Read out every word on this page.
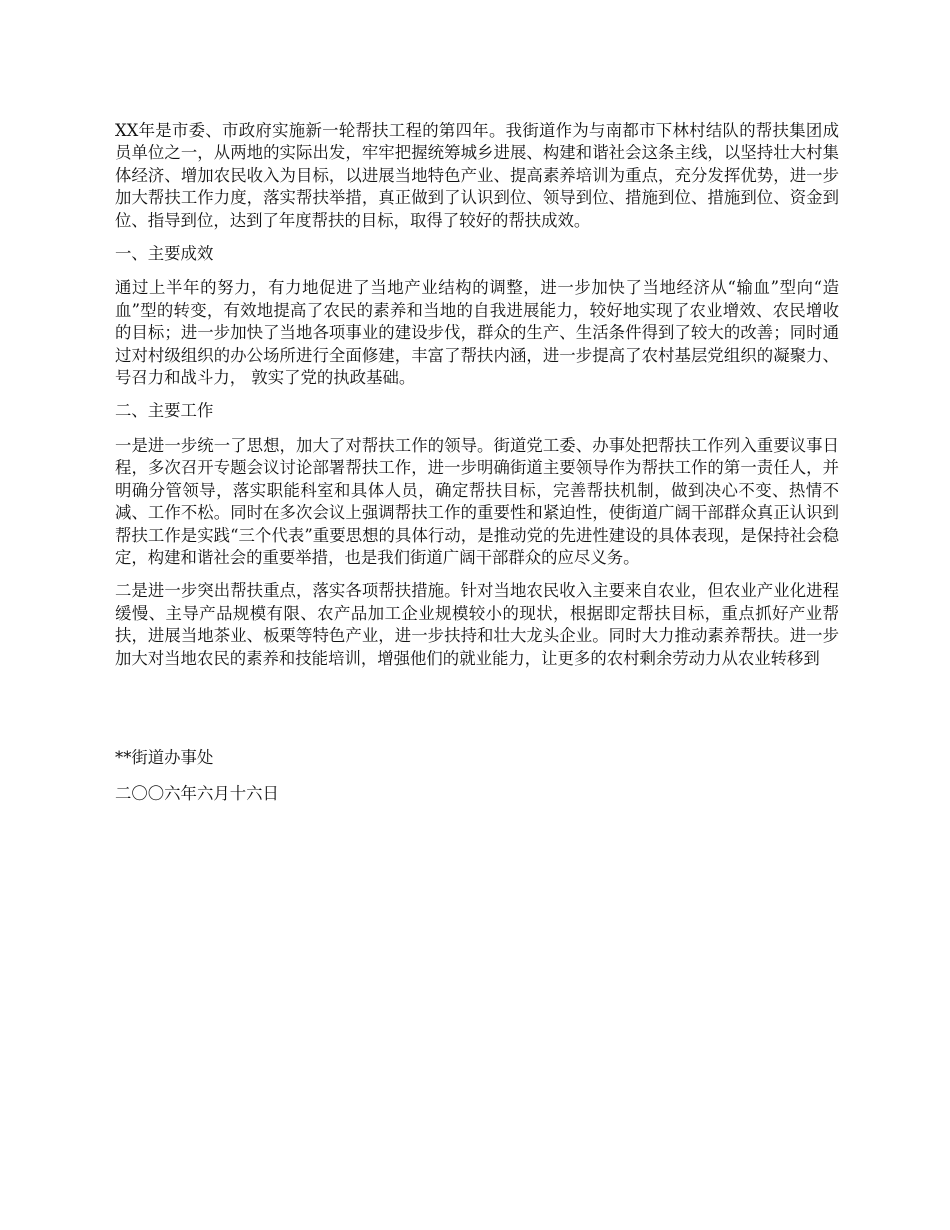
XX年是市委、市政府实施新一轮帮扶工程的第四年。我街道作为与南都市下林村结队的帮扶集团成员单位之一，从两地的实际出发，牢牢把握统筹城乡进展、构建和谐社会这条主线，以坚持壮大村集体经济、增加农民收入为目标，以进展当地特色产业、提高素养培训为重点，充分发挥优势，进一步加大帮扶工作力度，落实帮扶举措，真正做到了认识到位、领导到位、措施到位、措施到位、资金到位、指导到位，达到了年度帮扶的目标，取得了较好的帮扶成效。

一、主要成效

通过上半年的努力，有力地促进了当地产业结构的调整，进一步加快了当地经济从“输血”型向“造血”型的转变，有效地提高了农民的素养和当地的自我进展能力，较好地实现了农业增效、农民增收的目标；进一步加快了当地各项事业的建设步伐，群众的生产、生活条件得到了较大的改善；同时通过对村级组织的办公场所进行全面修建，丰富了帮扶内涵，进一步提高了农村基层党组织的凝聚力、号召力和战斗力， 敦实了党的执政基础。

二、主要工作

一是进一步统一了思想，加大了对帮扶工作的领导。街道党工委、办事处把帮扶工作列入重要议事日程，多次召开专题会议讨论部署帮扶工作，进一步明确街道主要领导作为帮扶工作的第一责任人，并明确分管领导，落实职能科室和具体人员，确定帮扶目标，完善帮扶机制，做到决心不变、热情不减、工作不松。同时在多次会议上强调帮扶工作的重要性和紧迫性，使街道广阔干部群众真正认识到帮扶工作是实践“三个代表”重要思想的具体行动，是推动党的先进性建设的具体表现，是保持社会稳定，构建和谐社会的重要举措，也是我们街道广阔干部群众的应尽义务。

二是进一步突出帮扶重点，落实各项帮扶措施。针对当地农民收入主要来自农业，但农业产业化进程缓慢、主导产品规模有限、农产品加工企业规模较小的现状，根据即定帮扶目标，重点抓好产业帮扶，进展当地茶业、板栗等特色产业，进一步扶持和壮大龙头企业。同时大力推动素养帮扶。进一步加大对当地农民的素养和技能培训，增强他们的就业能力，让更多的农村剩余劳动力从农业转移到

**街道办事处

二〇〇六年六月十六日
